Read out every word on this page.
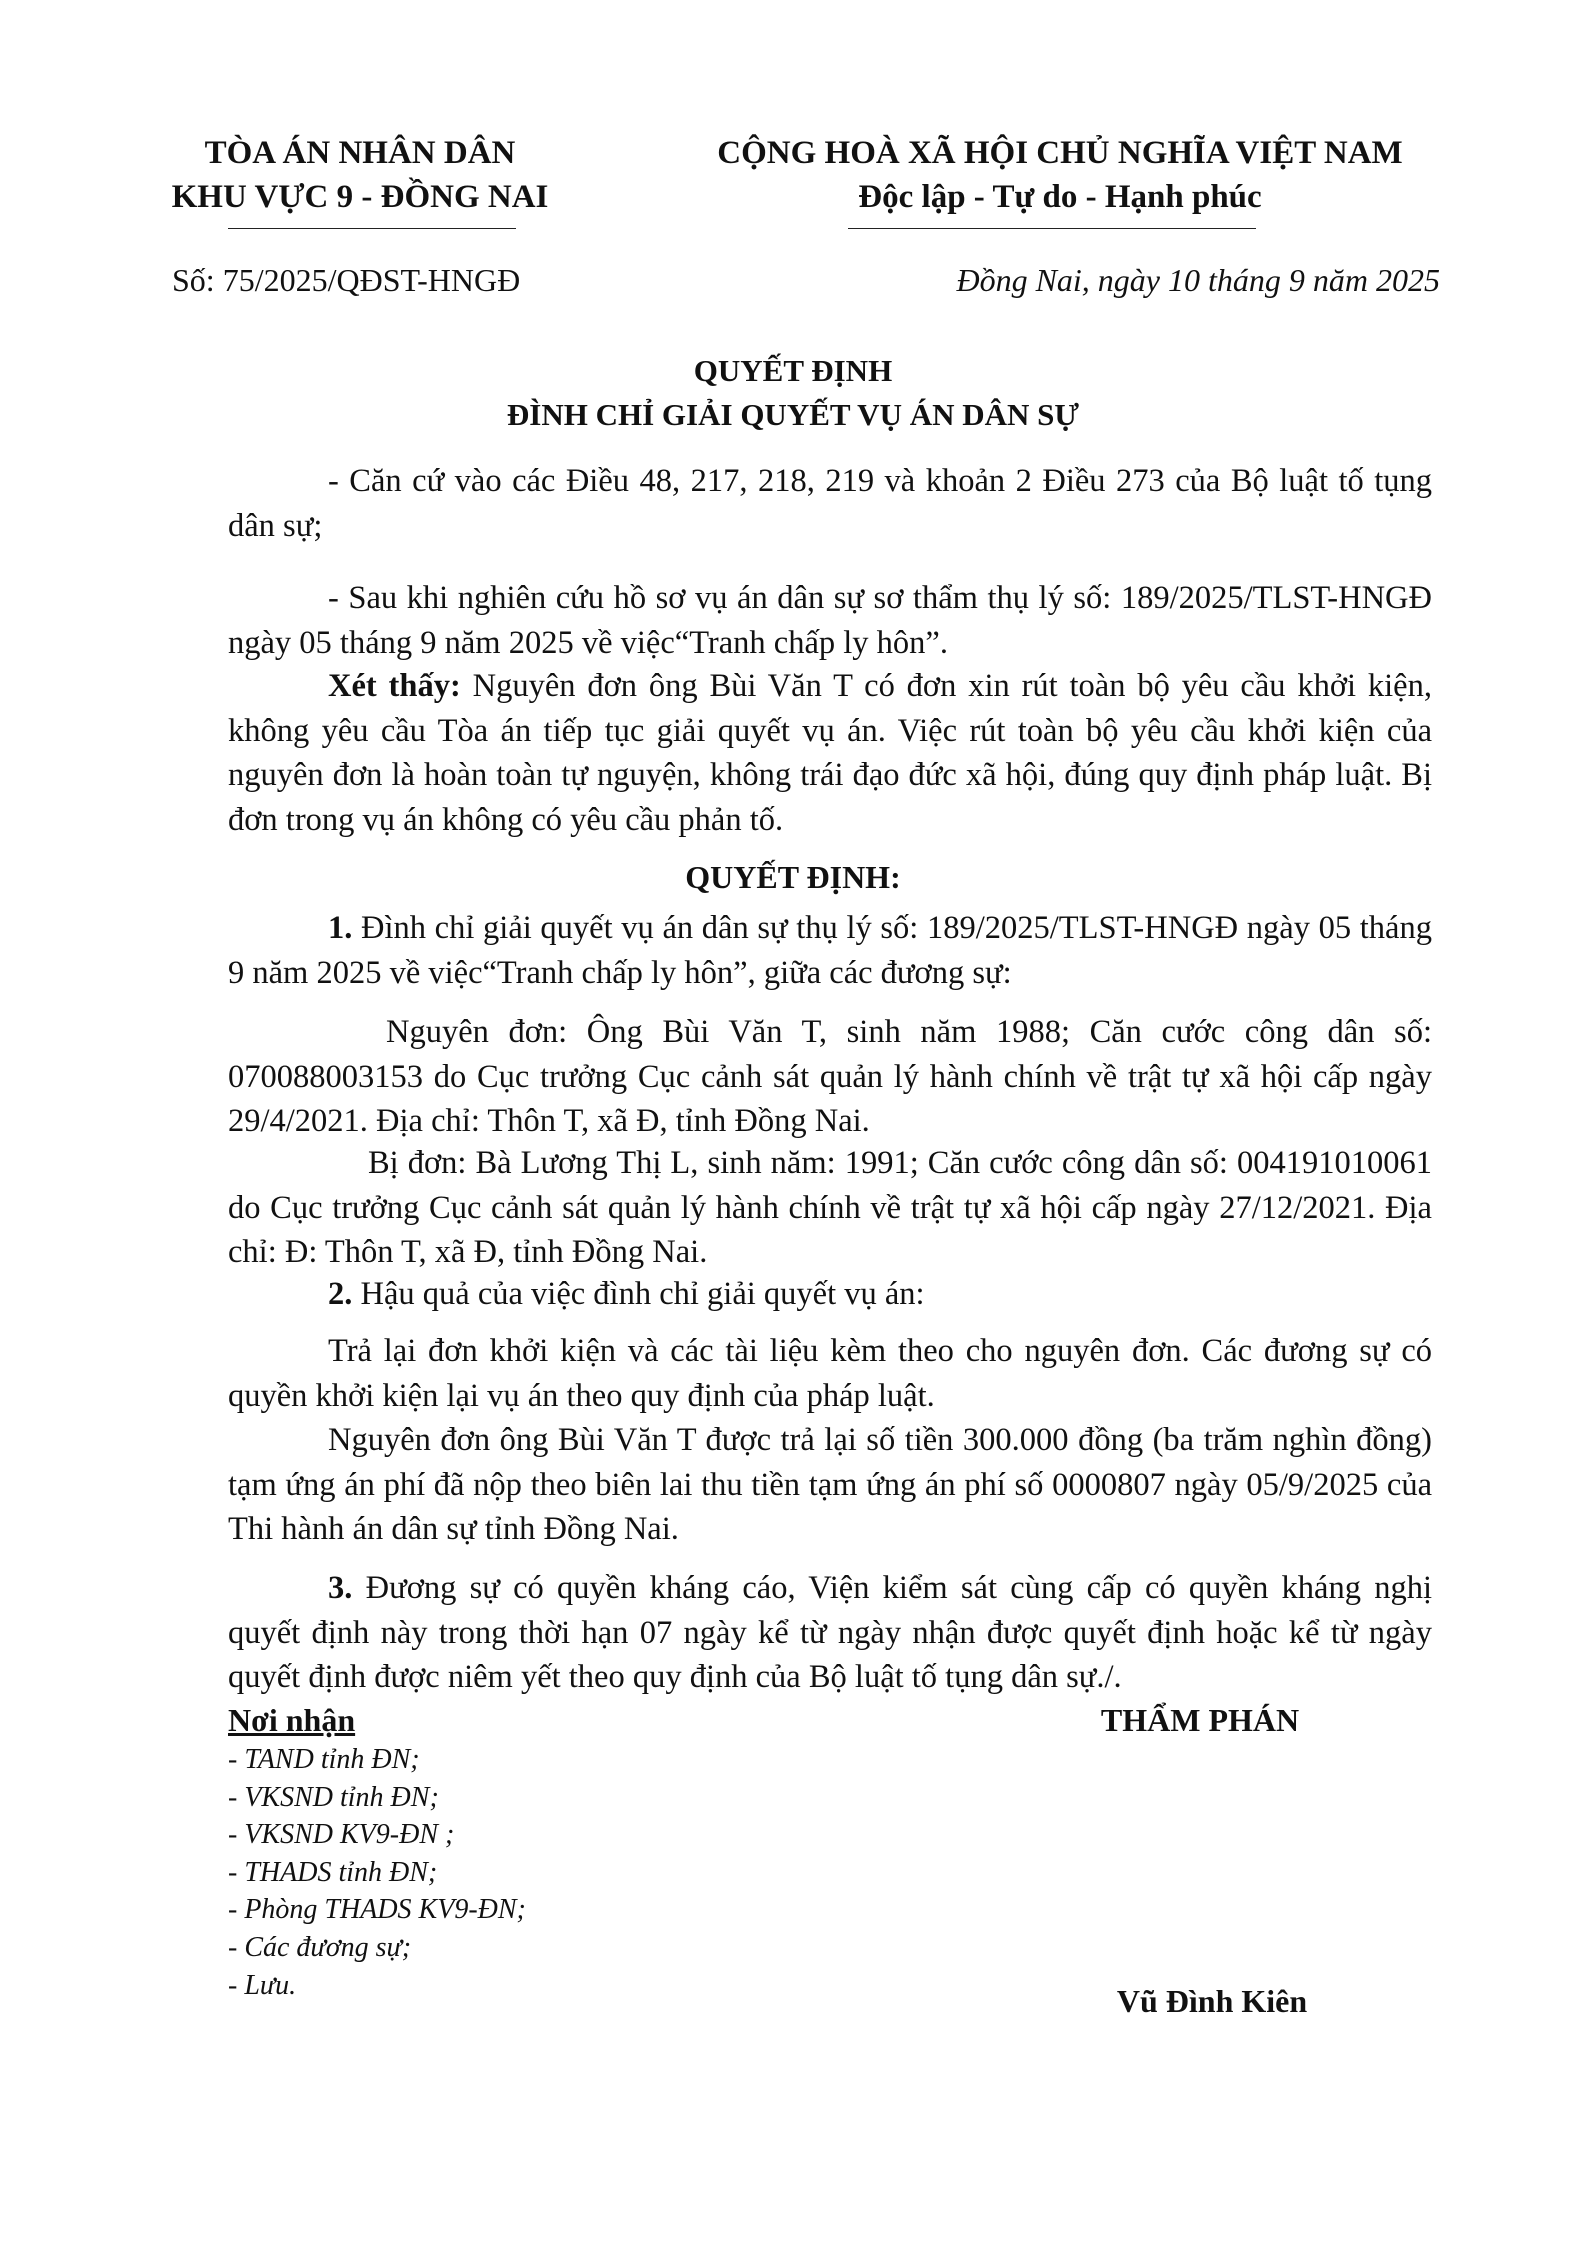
TÒA ÁN NHÂN DÂN
KHU VỰC 9 - ĐỒNG NAI
CỘNG HOÀ XÃ HỘI CHỦ NGHĨA VIỆT NAM
Độc lập - Tự do - Hạnh phúc
Số: 75/2025/QĐST-HNGĐ	Đồng Nai, ngày 10 tháng 9 năm 2025
QUYẾT ĐỊNH
ĐÌNH CHỈ GIẢI QUYẾT VỤ ÁN DÂN SỰ
- Căn cứ vào các Điều 48, 217, 218, 219 và khoản 2 Điều 273 của Bộ luật tố tụng dân sự;
- Sau khi nghiên cứu hồ sơ vụ án dân sự sơ thẩm thụ lý số: 189/2025/TLST-HNGĐ ngày 05 tháng 9 năm 2025 về việc“Tranh chấp ly hôn”.
Xét thấy: Nguyên đơn ông Bùi Văn T có đơn xin rút toàn bộ yêu cầu khởi kiện, không yêu cầu Tòa án tiếp tục giải quyết vụ án. Việc rút toàn bộ yêu cầu khởi kiện của nguyên đơn là hoàn toàn tự nguyện, không trái đạo đức xã hội, đúng quy định pháp luật. Bị đơn trong vụ án không có yêu cầu phản tố.
QUYẾT ĐỊNH:
1. Đình chỉ giải quyết vụ án dân sự thụ lý số: 189/2025/TLST-HNGĐ ngày 05 tháng 9 năm 2025 về việc“Tranh chấp ly hôn”, giữa các đương sự:
Nguyên đơn: Ông Bùi Văn T, sinh năm 1988; Căn cước công dân số: 070088003153 do Cục trưởng Cục cảnh sát quản lý hành chính về trật tự xã hội cấp ngày 29/4/2021. Địa chỉ: Thôn T, xã Đ, tỉnh Đồng Nai.
Bị đơn: Bà Lương Thị L, sinh năm: 1991; Căn cước công dân số: 004191010061 do Cục trưởng Cục cảnh sát quản lý hành chính về trật tự xã hội cấp ngày 27/12/2021. Địa chỉ: Đ: Thôn T, xã Đ, tỉnh Đồng Nai.
2. Hậu quả của việc đình chỉ giải quyết vụ án:
Trả lại đơn khởi kiện và các tài liệu kèm theo cho nguyên đơn. Các đương sự có quyền khởi kiện lại vụ án theo quy định của pháp luật.
Nguyên đơn ông Bùi Văn T được trả lại số tiền 300.000 đồng (ba trăm nghìn đồng) tạm ứng án phí đã nộp theo biên lai thu tiền tạm ứng án phí số 0000807 ngày 05/9/2025 của Thi hành án dân sự tỉnh Đồng Nai.
3. Đương sự có quyền kháng cáo, Viện kiểm sát cùng cấp có quyền kháng nghị quyết định này trong thời hạn 07 ngày kể từ ngày nhận được quyết định hoặc kể từ ngày quyết định được niêm yết theo quy định của Bộ luật tố tụng dân sự./.
Nơi nhận
- TAND tỉnh ĐN;
- VKSND tỉnh ĐN;
- VKSND KV9-ĐN ;
- THADS tỉnh ĐN;
- Phòng THADS KV9-ĐN;
- Các đương sự;
- Lưu.
THẨM PHÁN
Vũ Đình Kiên
